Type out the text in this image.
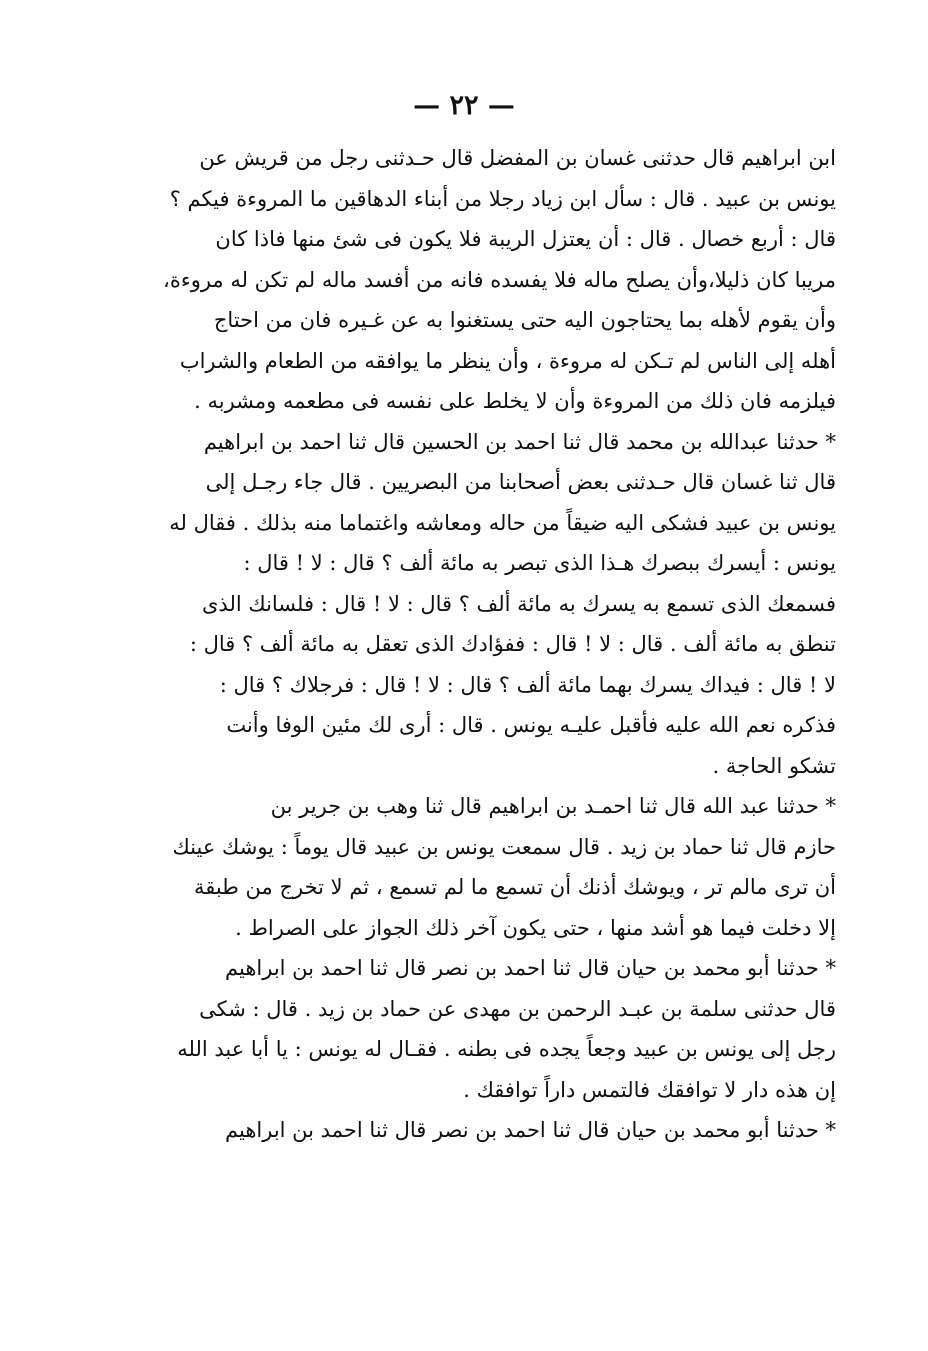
— ٢٢ —
ابن ابراهيم قال حدثنى غسان بن المفضل قال حـدثنى رجل من قريش عن
يونس بن عبيد . قال : سأل ابن زياد رجلا من أبناء الدهاقين ما المروءة فيكم ؟
قال : أربع خصال . قال : أن يعتزل الريبة فلا يكون فى شئ منها فاذا كان
مريبا كان ذليلا،وأن يصلح ماله فلا يفسده فانه من أفسد ماله لم تكن له مروءة،
وأن يقوم لأهله بما يحتاجون اليه حتى يستغنوا به عن غـيره فان من احتاج
أهله إلى الناس لم تـكن له مروءة ، وأن ينظر ما يوافقه من الطعام والشراب
فيلزمه فان ذلك من المروءة وأن لا يخلط على نفسه فى مطعمه ومشربه .
* حدثنا عبدالله بن محمد قال ثنا احمد بن الحسين قال ثنا احمد بن ابراهيم
قال ثنا غسان قال حـدثنى بعض أصحابنا من البصريين . قال جاء رجـل إلى
يونس بن عبيد فشكى اليه ضيقاً من حاله ومعاشه واغتماما منه بذلك . فقال له
يونس : أيسرك ببصرك هـذا الذى تبصر به مائة ألف ؟ قال : لا ! قال :
فسمعك الذى تسمع به يسرك به مائة ألف ؟ قال : لا ! قال : فلسانك الذى
تنطق به مائة ألف . قال : لا ! قال : ففؤادك الذى تعقل به مائة ألف ؟ قال :
لا ! قال : فيداك يسرك بهما مائة ألف ؟ قال : لا ! قال : فرجلاك ؟ قال :
فذكره نعم الله عليه فأقبل عليـه يونس . قال : أرى لك مئين الوفا وأنت
تشكو الحاجة .
* حدثنا عبد الله قال ثنا احمـد بن ابراهيم قال ثنا وهب بن جرير بن
حازم قال ثنا حماد بن زيد . قال سمعت يونس بن عبيد قال يوماً : يوشك عينك
أن ترى مالم تر ، ويوشك أذنك أن تسمع ما لم تسمع ، ثم لا تخرج من طبقة
إلا دخلت فيما هو أشد منها ، حتى يكون آخر ذلك الجواز على الصراط .
* حدثنا أبو محمد بن حيان قال ثنا احمد بن نصر قال ثنا احمد بن ابراهيم
قال حدثنى سلمة بن عبـد الرحمن بن مهدى عن حماد بن زيد . قال : شكى
رجل إلى يونس بن عبيد وجعاً يجده فى بطنه . فقـال له يونس : يا أبا عبد الله
إن هذه دار لا توافقك فالتمس داراً توافقك .
* حدثنا أبو محمد بن حيان قال ثنا احمد بن نصر قال ثنا احمد بن ابراهيم
